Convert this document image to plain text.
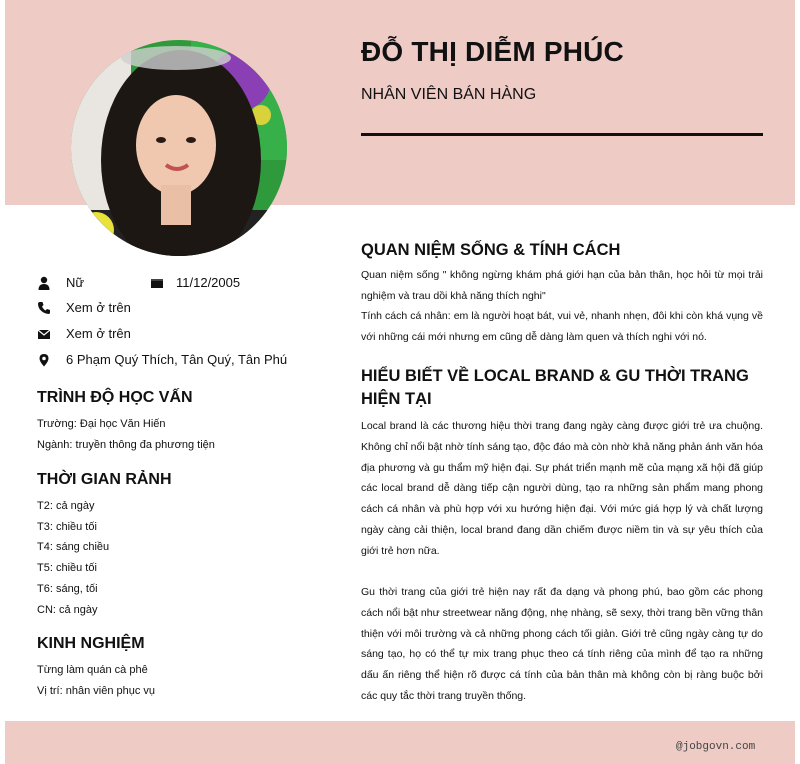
ĐỖ THỊ DIỄM PHÚC
NHÂN VIÊN BÁN HÀNG
Nữ	11/12/2005
Xem ở trên
Xem ở trên
6 Phạm Quý Thích, Tân Quý, Tân Phú
TRÌNH ĐỘ HỌC VẤN
Trường: Đại học Văn Hiến
Ngành: truyền thông đa phương tiện
THỜI GIAN RẢNH
T2: cả ngày
T3: chiều tối
T4: sáng chiều
T5: chiều tối
T6: sáng, tối
CN: cả ngày
KINH NGHIỆM
Từng làm quán cà phê
Vị trí: nhân viên phục vụ
QUAN NIỆM SỐNG & TÍNH CÁCH

Quan niệm sống " không ngừng khám phá giới hạn của bản thân, học hỏi từ mọi trải nghiệm và trau dồi khả năng thích nghi"

Tính cách cá nhân: em là người hoạt bát, vui vẻ, nhanh nhẹn, đôi khi còn khá vụng về với những cái mới nhưng em cũng dễ dàng làm quen và thích nghi với nó.

HIỂU BIẾT VỀ LOCAL BRAND & GU THỜI TRANG HIỆN TẠI

Local brand là các thương hiệu thời trang đang ngày càng được giới trẻ ưa chuộng. Không chỉ nổi bật nhờ tính sáng tạo, độc đáo mà còn nhờ khả năng phản ánh văn hóa địa phương và gu thẩm mỹ hiện đại. Sự phát triển mạnh mẽ của mạng xã hội đã giúp các local brand dễ dàng tiếp cận người dùng, tạo ra những sản phẩm mang phong cách cá nhân và phù hợp với xu hướng hiện đại. Với mức giá hợp lý và chất lượng ngày càng cải thiện, local brand đang dần chiếm được niềm tin và sự yêu thích của giới trẻ hơn nữa.

Gu thời trang của giới trẻ hiện nay rất đa dạng và phong phú, bao gồm các phong cách nổi bật như streetwear năng động, nhẹ nhàng, sẽ sexy, thời trang bền vững thân thiện với môi trường và cả những phong cách tối giản. Giới trẻ cũng ngày càng tự do sáng tạo, họ có thể tự mix trang phục theo cá tính riêng của mình để tạo ra những dấu ấn riêng thể hiện rõ được cá tính của bản thân mà không còn bị ràng buộc bởi các quy tắc thời trang truyền thống.

@jobgovn.com
